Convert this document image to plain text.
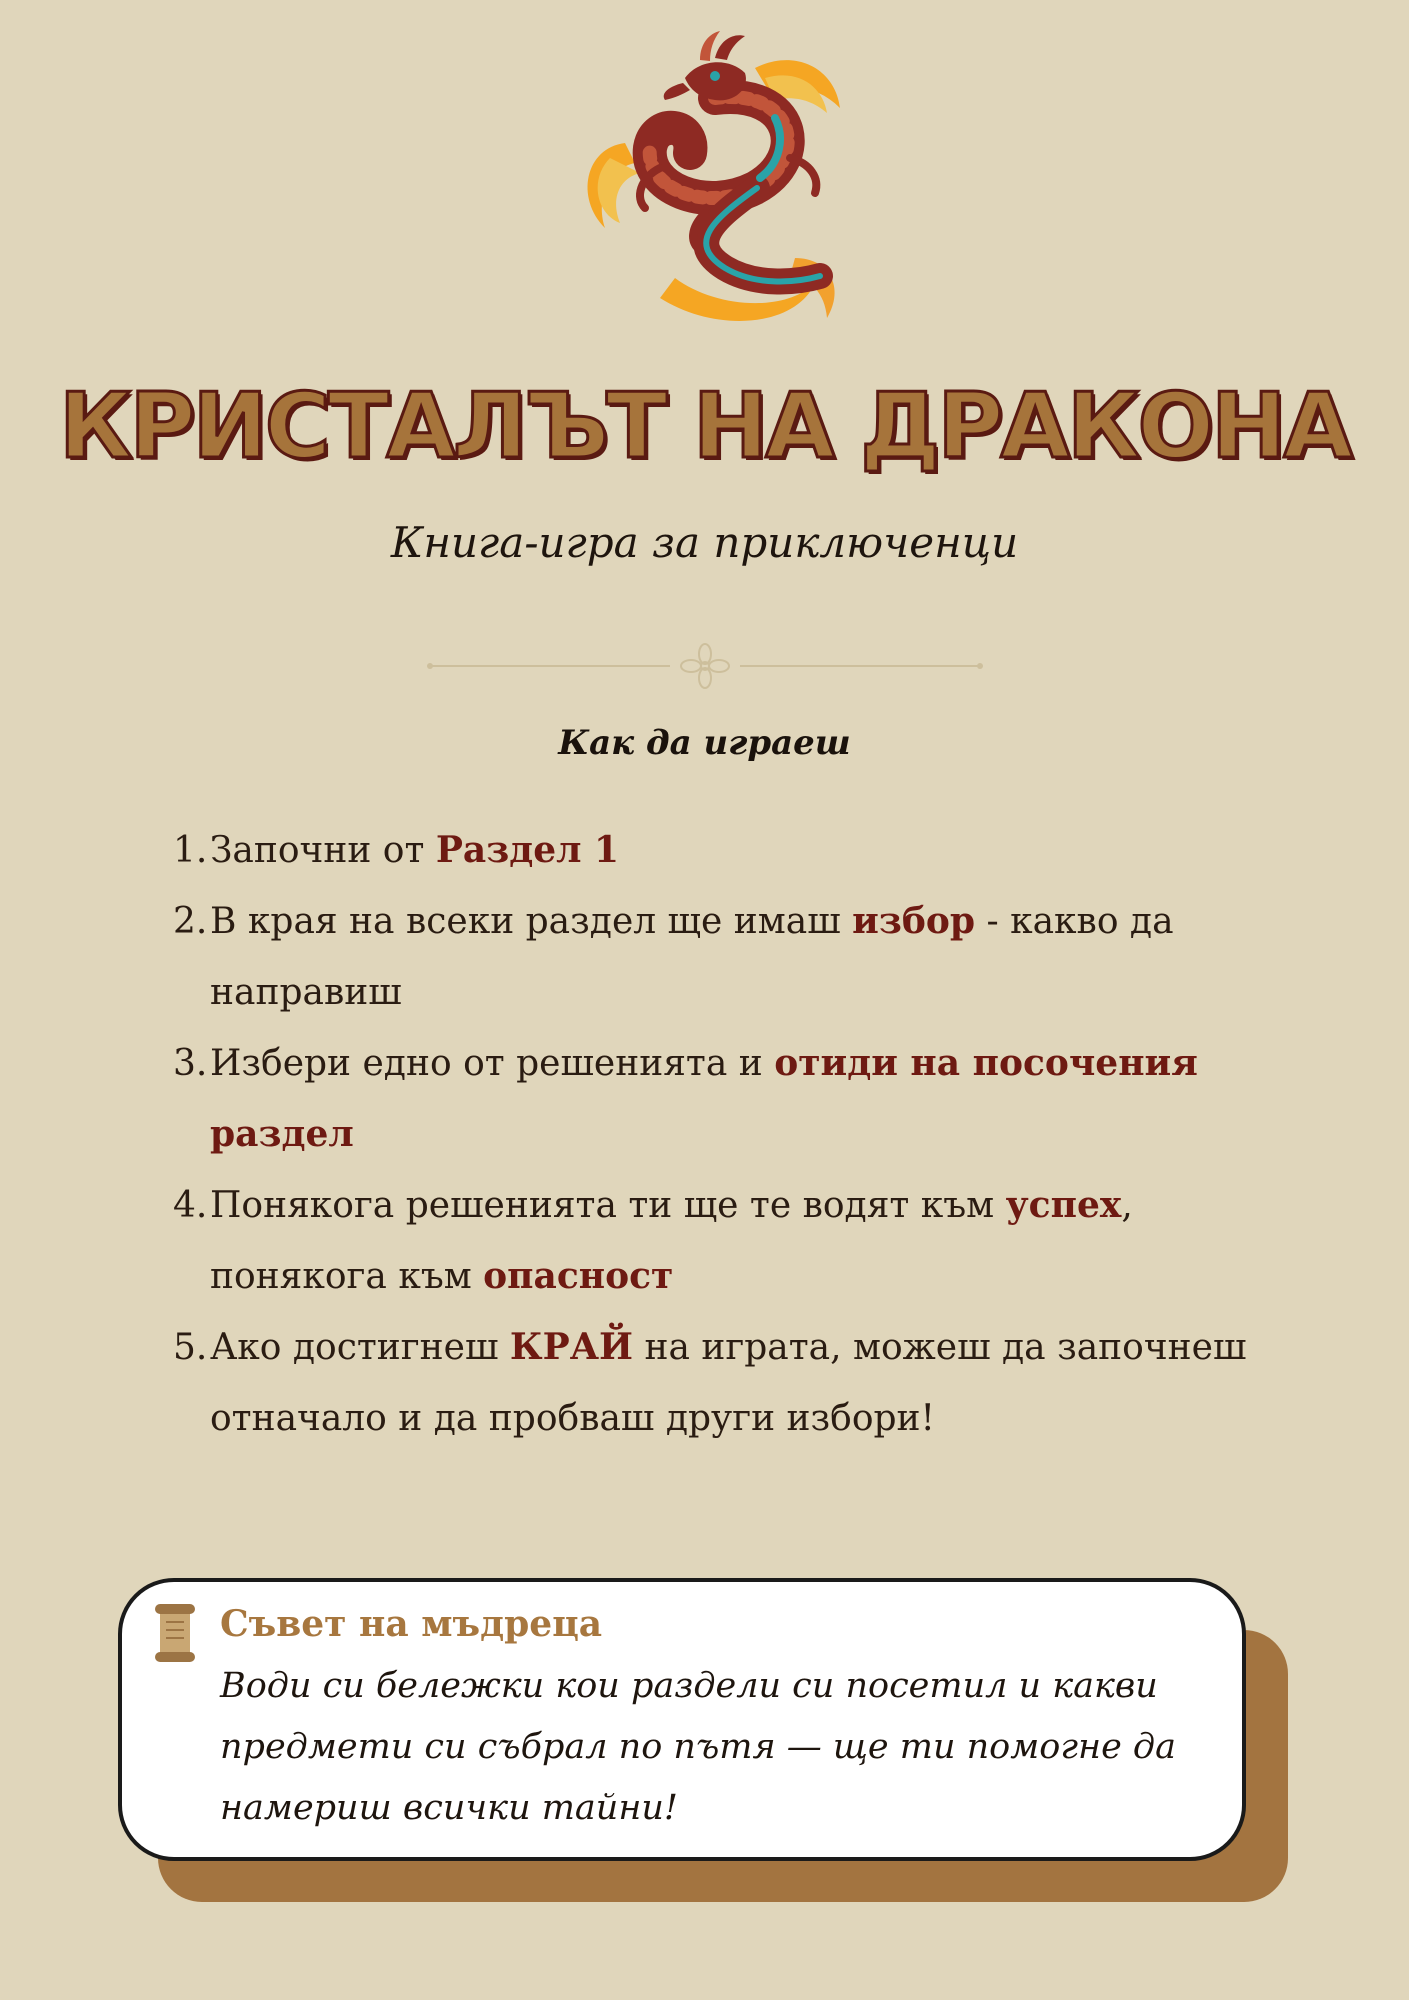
КРИСТАЛЪТ НА ДРАКОНА
Книга-игра за приключенци
Как да играеш
1. Започни от Раздел 1
2. В края на всеки раздел ще имаш избор - какво да направиш
3. Избери едно от решенията и отиди на посочения раздел
4. Понякога решенията ти ще те водят към успех, понякога към опасност
5. Ако достигнеш КРАЙ на играта, можеш да започнеш отначало и да пробваш други избори!
Съвет на мъдреца
Води си бележки кои раздели си посетил и какви предмети си събрал по пътя — ще ти помогне да намериш всички тайни!
